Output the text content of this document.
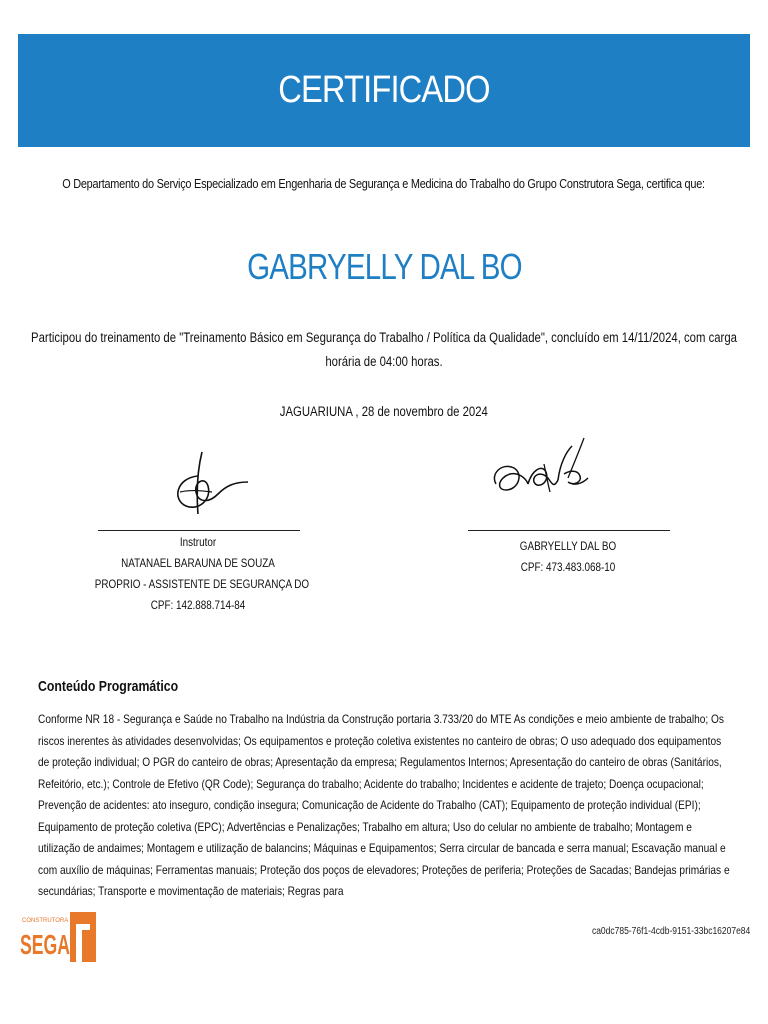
CERTIFICADO
O Departamento do Serviço Especializado em Engenharia de Segurança e Medicina do Trabalho do Grupo Construtora Sega, certifica que:
GABRYELLY DAL BO
Participou do treinamento de "Treinamento Básico em Segurança do Trabalho / Política da Qualidade", concluído em 14/11/2024, com carga horária de 04:00 horas.
JAGUARIUNA , 28 de novembro de 2024
Instrutor
NATANAEL BARAUNA DE SOUZA
PROPRIO - ASSISTENTE DE SEGURANÇA DO
CPF: 142.888.714-84
GABRYELLY DAL BO
CPF: 473.483.068-10
Conteúdo Programático
Conforme NR 18 - Segurança e Saúde no Trabalho na Indústria da Construção portaria 3.733/20 do MTE As condições e meio ambiente de trabalho; Os riscos inerentes às atividades desenvolvidas; Os equipamentos e proteção coletiva existentes no canteiro de obras; O uso adequado dos equipamentos de proteção individual; O PGR do canteiro de obras; Apresentação da empresa; Regulamentos Internos; Apresentação do canteiro de obras (Sanitários, Refeitório, etc.); Controle de Efetivo (QR Code); Segurança do trabalho; Acidente do trabalho; Incidentes e acidente de trajeto; Doença ocupacional; Prevenção de acidentes: ato inseguro, condição insegura; Comunicação de Acidente do Trabalho (CAT); Equipamento de proteção individual (EPI); Equipamento de proteção coletiva (EPC); Advertências e Penalizações; Trabalho em altura; Uso do celular no ambiente de trabalho; Montagem e utilização de andaimes; Montagem e utilização de balancins; Máquinas e Equipamentos; Serra circular de bancada e serra manual; Escavação manual e com auxílio de máquinas; Ferramentas manuais; Proteção dos poços de elevadores; Proteções de periferia; Proteções de Sacadas; Bandejas primárias e secundárias; Transporte e movimentação de materiais; Regras para
CONSTRUTORA
SEGA	ca0dc785-76f1-4cdb-9151-33bc16207e84
